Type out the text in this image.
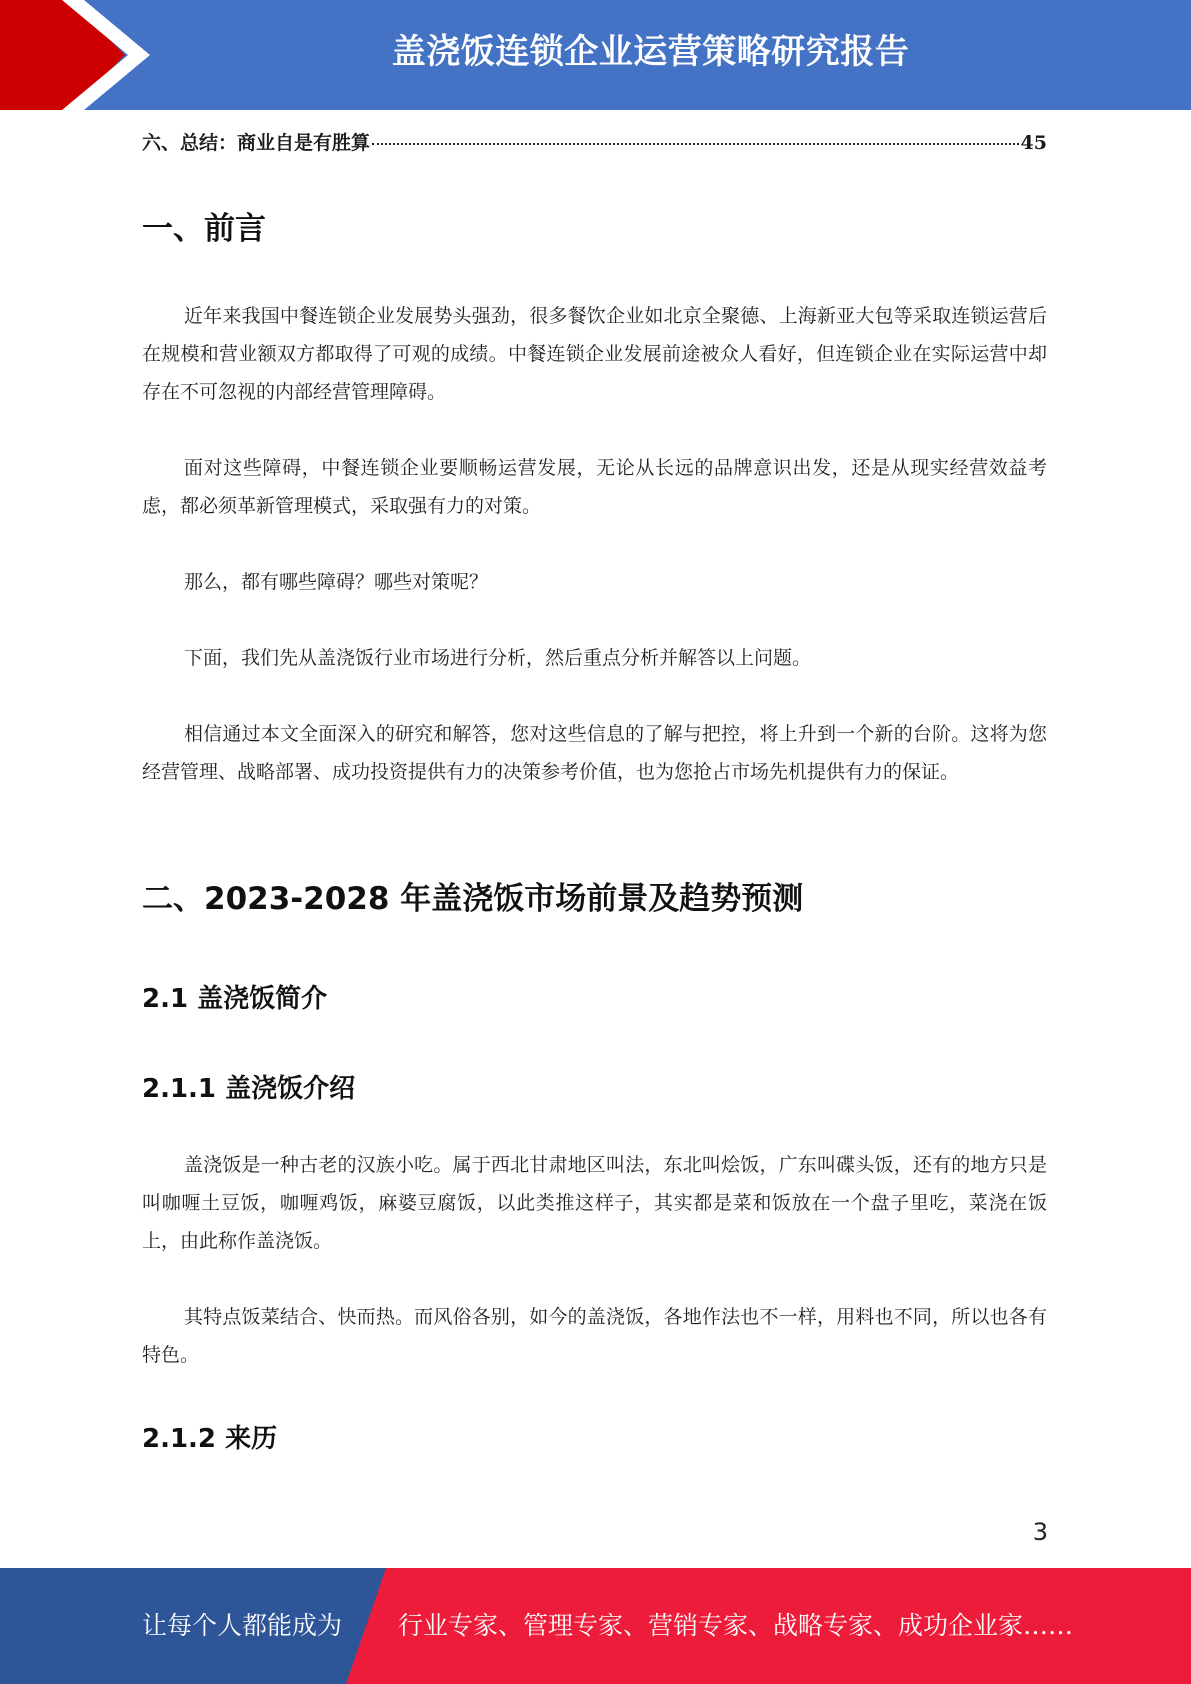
盖浇饭连锁企业运营策略研究报告
六、总结：商业自是有胜算	45
一、前言
近年来我国中餐连锁企业发展势头强劲，很多餐饮企业如北京全聚德、上海新亚大包等采取连锁运营后在规模和营业额双方都取得了可观的成绩。中餐连锁企业发展前途被众人看好，但连锁企业在实际运营中却存在不可忽视的内部经营管理障碍。
面对这些障碍，中餐连锁企业要顺畅运营发展，无论从长远的品牌意识出发，还是从现实经营效益考虑，都必须革新管理模式，采取强有力的对策。
那么，都有哪些障碍？哪些对策呢？
下面，我们先从盖浇饭行业市场进行分析，然后重点分析并解答以上问题。
相信通过本文全面深入的研究和解答，您对这些信息的了解与把控，将上升到一个新的台阶。这将为您经营管理、战略部署、成功投资提供有力的决策参考价值，也为您抢占市场先机提供有力的保证。
二、2023-2028 年盖浇饭市场前景及趋势预测
2.1 盖浇饭简介
2.1.1 盖浇饭介绍
盖浇饭是一种古老的汉族小吃。属于西北甘肃地区叫法，东北叫烩饭，广东叫碟头饭，还有的地方只是叫咖喱土豆饭，咖喱鸡饭，麻婆豆腐饭，以此类推这样子，其实都是菜和饭放在一个盘子里吃，菜浇在饭上，由此称作盖浇饭。
其特点饭菜结合、快而热。而风俗各别，如今的盖浇饭，各地作法也不一样，用料也不同，所以也各有特色。
2.1.2 来历
3
让每个人都能成为 行业专家、管理专家、营销专家、战略专家、成功企业家……
